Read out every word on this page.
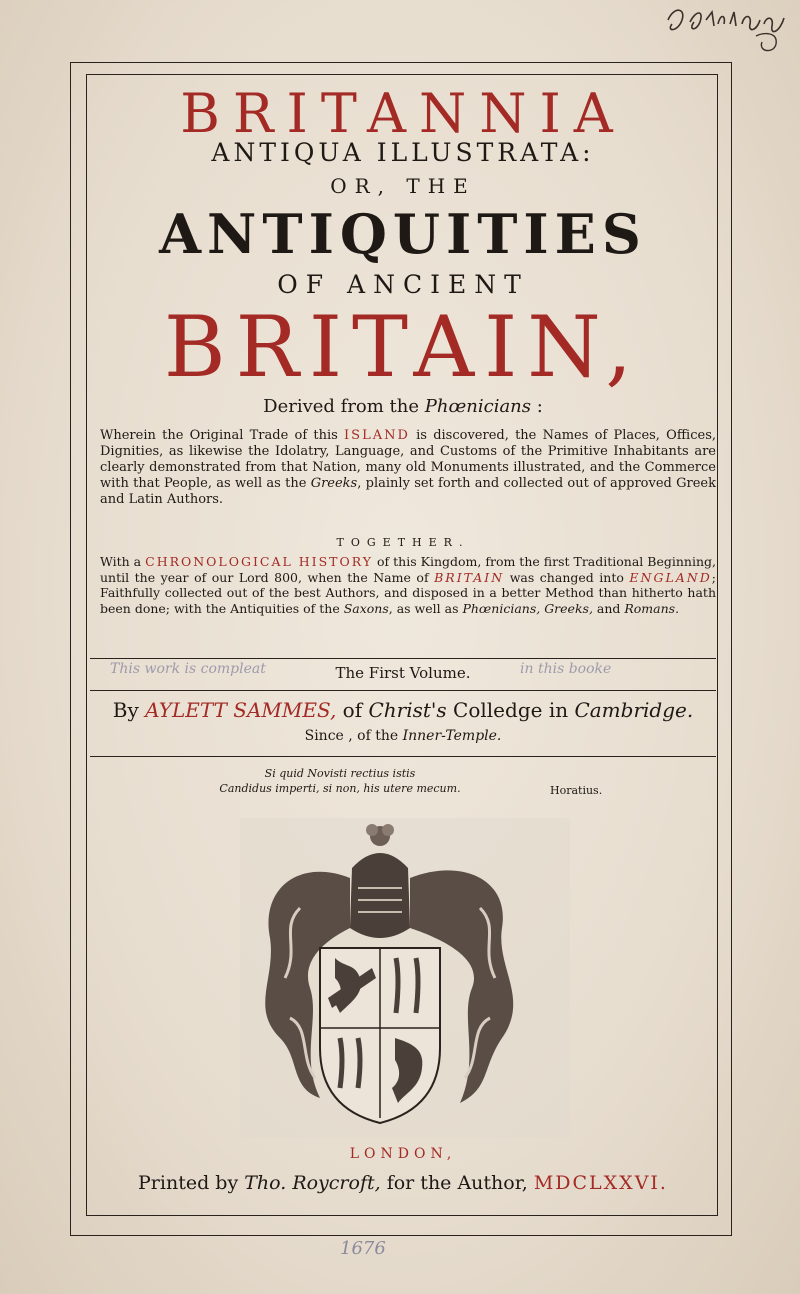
BRITANNIA
ANTIQUA ILLUSTRATA:
OR, THE
ANTIQUITIES
OF ANCIENT
BRITAIN,
Derived from the Phœnicians :
Wherein the Original Trade of this ISLAND is discovered, the Names of Places, Offices, Dignities, as likewise the Idolatry, Language, and Customs of the Primitive Inhabitants are clearly demonstrated from that Nation, many old Monuments illustrated, and the Commerce with that People, as well as the Greeks, plainly set forth and collected out of approved Greek and Latin Authors.
TOGETHER.
With a CHRONOLOGICAL HISTORY of this Kingdom, from the first Traditional Beginning, until the year of our Lord 800, when the Name of BRITAIN was changed into ENGLAND; Faithfully collected out of the best Authors, and disposed in a better Method than hitherto hath been done; with the Antiquities of the Saxons, as well as Phœnicians, Greeks, and Romans.
This work is compleat	The First Volume.	in this booke
By AYLETT SAMMES, of Christ's Colledge in Cambridge.
Since , of the Inner-Temple.
Si quid Novisti rectius istis
Candidus imperti, si non, his utere mecum.	Horatius.
LONDON,
Printed by Tho. Roycroft, for the Author, MDCLXXVI.
1676
